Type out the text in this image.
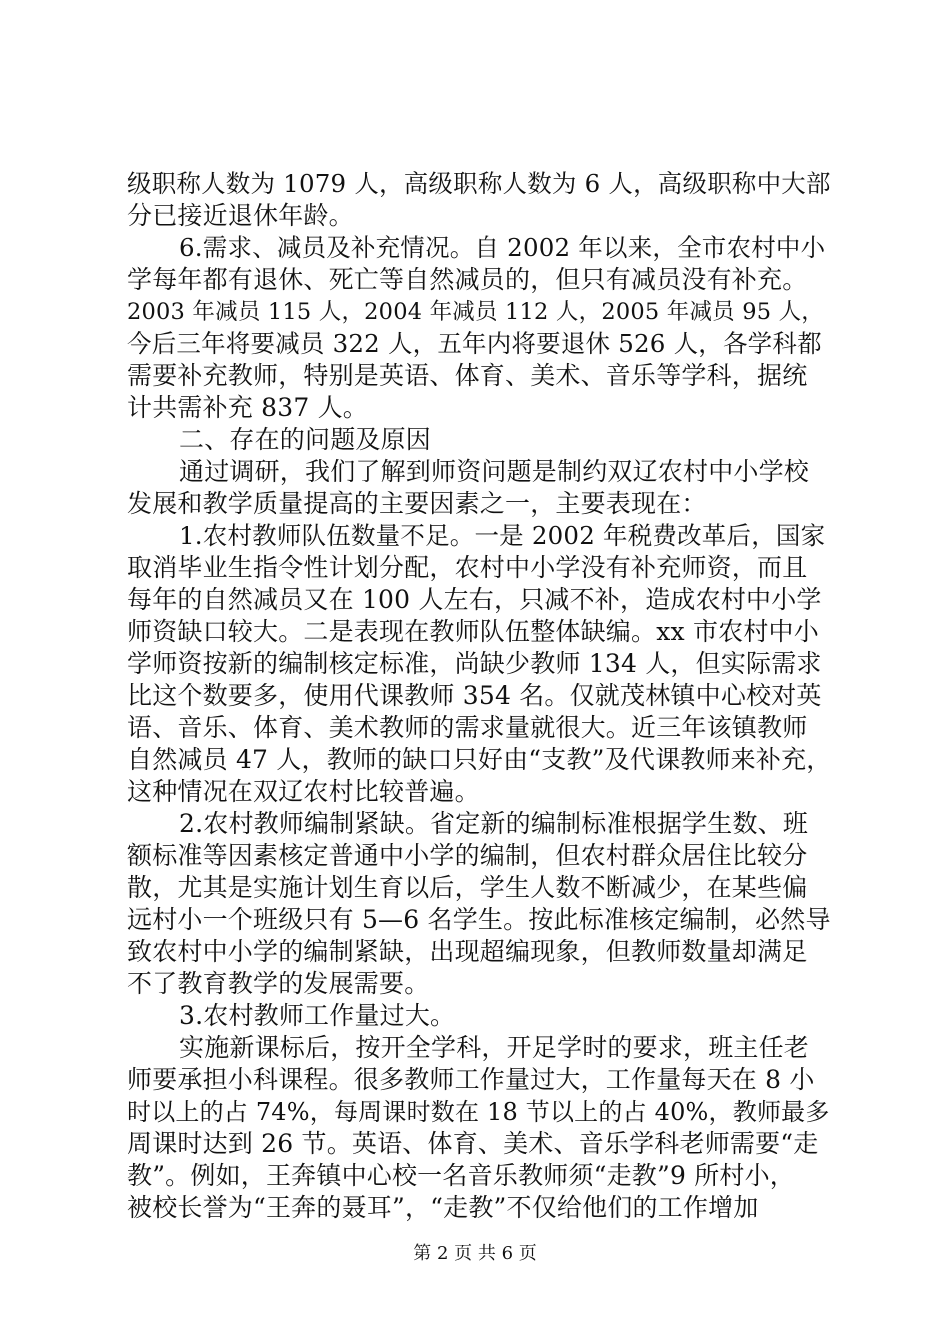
级职称人数为 1079 人，高级职称人数为 6 人，高级职称中大部
分已接近退休年龄。
6.需求、减员及补充情况。自 2002 年以来，全市农村中小
学每年都有退休、死亡等自然减员的，但只有减员没有补充。
2003 年减员 115 人，2004 年减员 112 人，2005 年减员 95 人，
今后三年将要减员 322 人，五年内将要退休 526 人，各学科都
需要补充教师，特别是英语、体育、美术、音乐等学科，据统
计共需补充 837 人。
二、存在的问题及原因
通过调研，我们了解到师资问题是制约双辽农村中小学校
发展和教学质量提高的主要因素之一，主要表现在：
1.农村教师队伍数量不足。一是 2002 年税费改革后，国家
取消毕业生指令性计划分配，农村中小学没有补充师资，而且
每年的自然减员又在 100 人左右，只减不补，造成农村中小学
师资缺口较大。二是表现在教师队伍整体缺编。xx 市农村中小
学师资按新的编制核定标准，尚缺少教师 134 人，但实际需求
比这个数要多，使用代课教师 354 名。仅就茂林镇中心校对英
语、音乐、体育、美术教师的需求量就很大。近三年该镇教师
自然减员 47 人，教师的缺口只好由“支教”及代课教师来补充，
这种情况在双辽农村比较普遍。
2.农村教师编制紧缺。省定新的编制标准根据学生数、班
额标准等因素核定普通中小学的编制，但农村群众居住比较分
散，尤其是实施计划生育以后，学生人数不断减少，在某些偏
远村小一个班级只有 5—6 名学生。按此标准核定编制，必然导
致农村中小学的编制紧缺，出现超编现象，但教师数量却满足
不了教育教学的发展需要。
3.农村教师工作量过大。
实施新课标后，按开全学科，开足学时的要求，班主任老
师要承担小科课程。很多教师工作量过大，工作量每天在 8 小
时以上的占 74%，每周课时数在 18 节以上的占 40%，教师最多
周课时达到 26 节。英语、体育、美术、音乐学科老师需要“走
教”。例如，王奔镇中心校一名音乐教师须“走教”9 所村小，
被校长誉为“王奔的聂耳”，“走教”不仅给他们的工作增加
第 2 页 共 6 页
